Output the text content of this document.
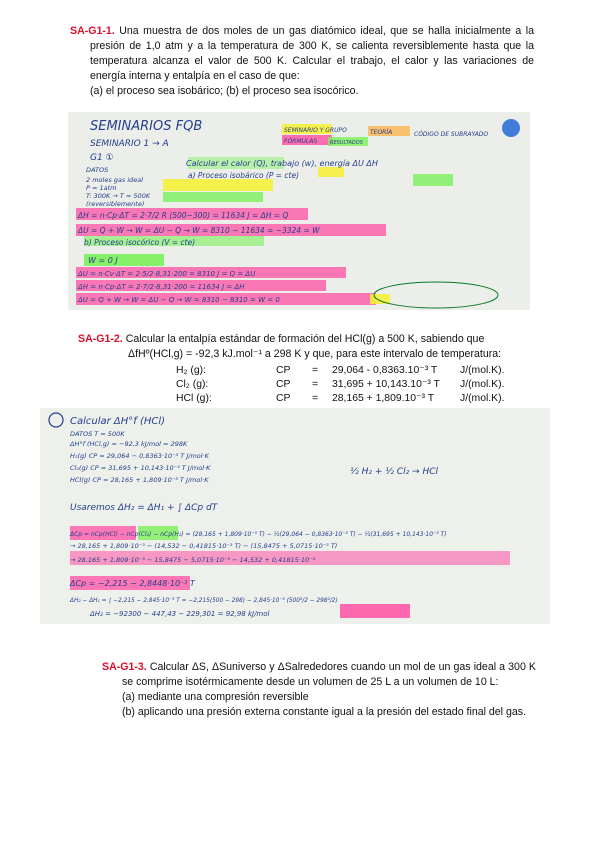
SA-G1-1. Una muestra de dos moles de un gas diatómico ideal, que se halla inicialmente a la presión de 1,0 atm y a la temperatura de 300 K, se calienta reversiblemente hasta que la temperatura alcanza el valor de 500 K. Calcular el trabajo, el calor y las variaciones de energía interna y entalpía en el caso de que:
(a) el proceso sea isobárico; (b) el proceso sea isocórico.
SEMINARIOS FQB
SEMINARIO 1 → A
SEMINARIO Y GRUPO
FÓRMULAS	RESULTADOS
TEORÍA	CÓDIGO DE SUBRAYADO
G1 ①
DATOS
2 moles gas ideal
P = 1atm
T: 300K → T = 500K
(reversiblemente)
Calcular el calor (Q), trabajo (w), energía ΔU ΔH
a) Proceso isobárico (P = cte)
ΔH = n·Cp·ΔT = 2·7/2 R (500−300) = 11634 J = ΔH = Q
ΔU = Q + W → W = ΔU − Q → W = 8310 − 11634 = −3324 = W
b) Proceso isocórico (V = cte)
W = 0 J
ΔU = n·Cv·ΔT = 2·5/2·8,31·200 = 8310 J = Q = ΔU
ΔH = n·Cp·ΔT = 2·7/2·8,31·200 = 11634 J = ΔH
ΔU = Q + W → W = ΔU − Q → W = 8310 − 8310 = W = 0
SA-G1-2. Calcular la entalpía estándar de formación del HCl(g) a 500 K, sabiendo que
ΔfHº(HCl,g) = -92,3 kJ.mol⁻¹ a 298 K y que, para este intervalo de temperatura:
H₂ (g):	CP	=	29,064 - 0,8363.10⁻³ T	J/(mol.K).
Cl₂ (g):	CP	=	31,695 + 10,143.10⁻³ T	J/(mol.K).
HCl (g):	CP	=	28,165 + 1,809.10⁻³ T	J/(mol.K).
Calcular ΔH°f (HCl)
DATOS T = 500K
ΔH°f (HCl,g) = −92,3 kJ/mol = 298K
H₂(g) CP = 29,064 − 0,8363·10⁻³ T J/mol·K
Cl₂(g) CP = 31,695 + 10,143·10⁻³ T J/mol·K
HCl(g) CP = 28,165 + 1,809·10⁻³ T J/mol·K
½ H₂ + ½ Cl₂ → HCl
Usaremos ΔH₂ = ΔH₁ + ∫ ΔCp dT
ΔCp = nCp(HCl) − nCp(Cl₂) − nCp(H₂) = (28,165 + 1,809·10⁻³ T) − ½(29,064 − 0,8363·10⁻³ T) − ½(31,695 + 10,143·10⁻³ T)
→ 28,165 + 1,809·10⁻³ − (14,532 − 0,41815·10⁻³ T) − (15,8475 + 5,0715·10⁻³ T)
→ 28,165 + 1,809·10⁻³ − 15,8475 − 5,0715·10⁻³ − 14,532 + 0,41815·10⁻³
ΔCp = −2,215 − 2,8448·10⁻³ T
ΔH₂ − ΔH₁ = ∫ −2,215 − 2,845·10⁻³ T = −2,215(500 − 298) − 2,845·10⁻³ (500²/2 − 298²/2)
ΔH₂ = −92300 − 447,43 − 229,301 = 92,98 kJ/mol
SA-G1-3. Calcular ΔS, ΔSuniverso y ΔSalrededores cuando un mol de un gas ideal a 300 K se comprime isotérmicamente desde un volumen de 25 L a un volumen de 10 L:
(a) mediante una compresión reversible
(b) aplicando una presión externa constante igual a la presión del estado final del gas.
